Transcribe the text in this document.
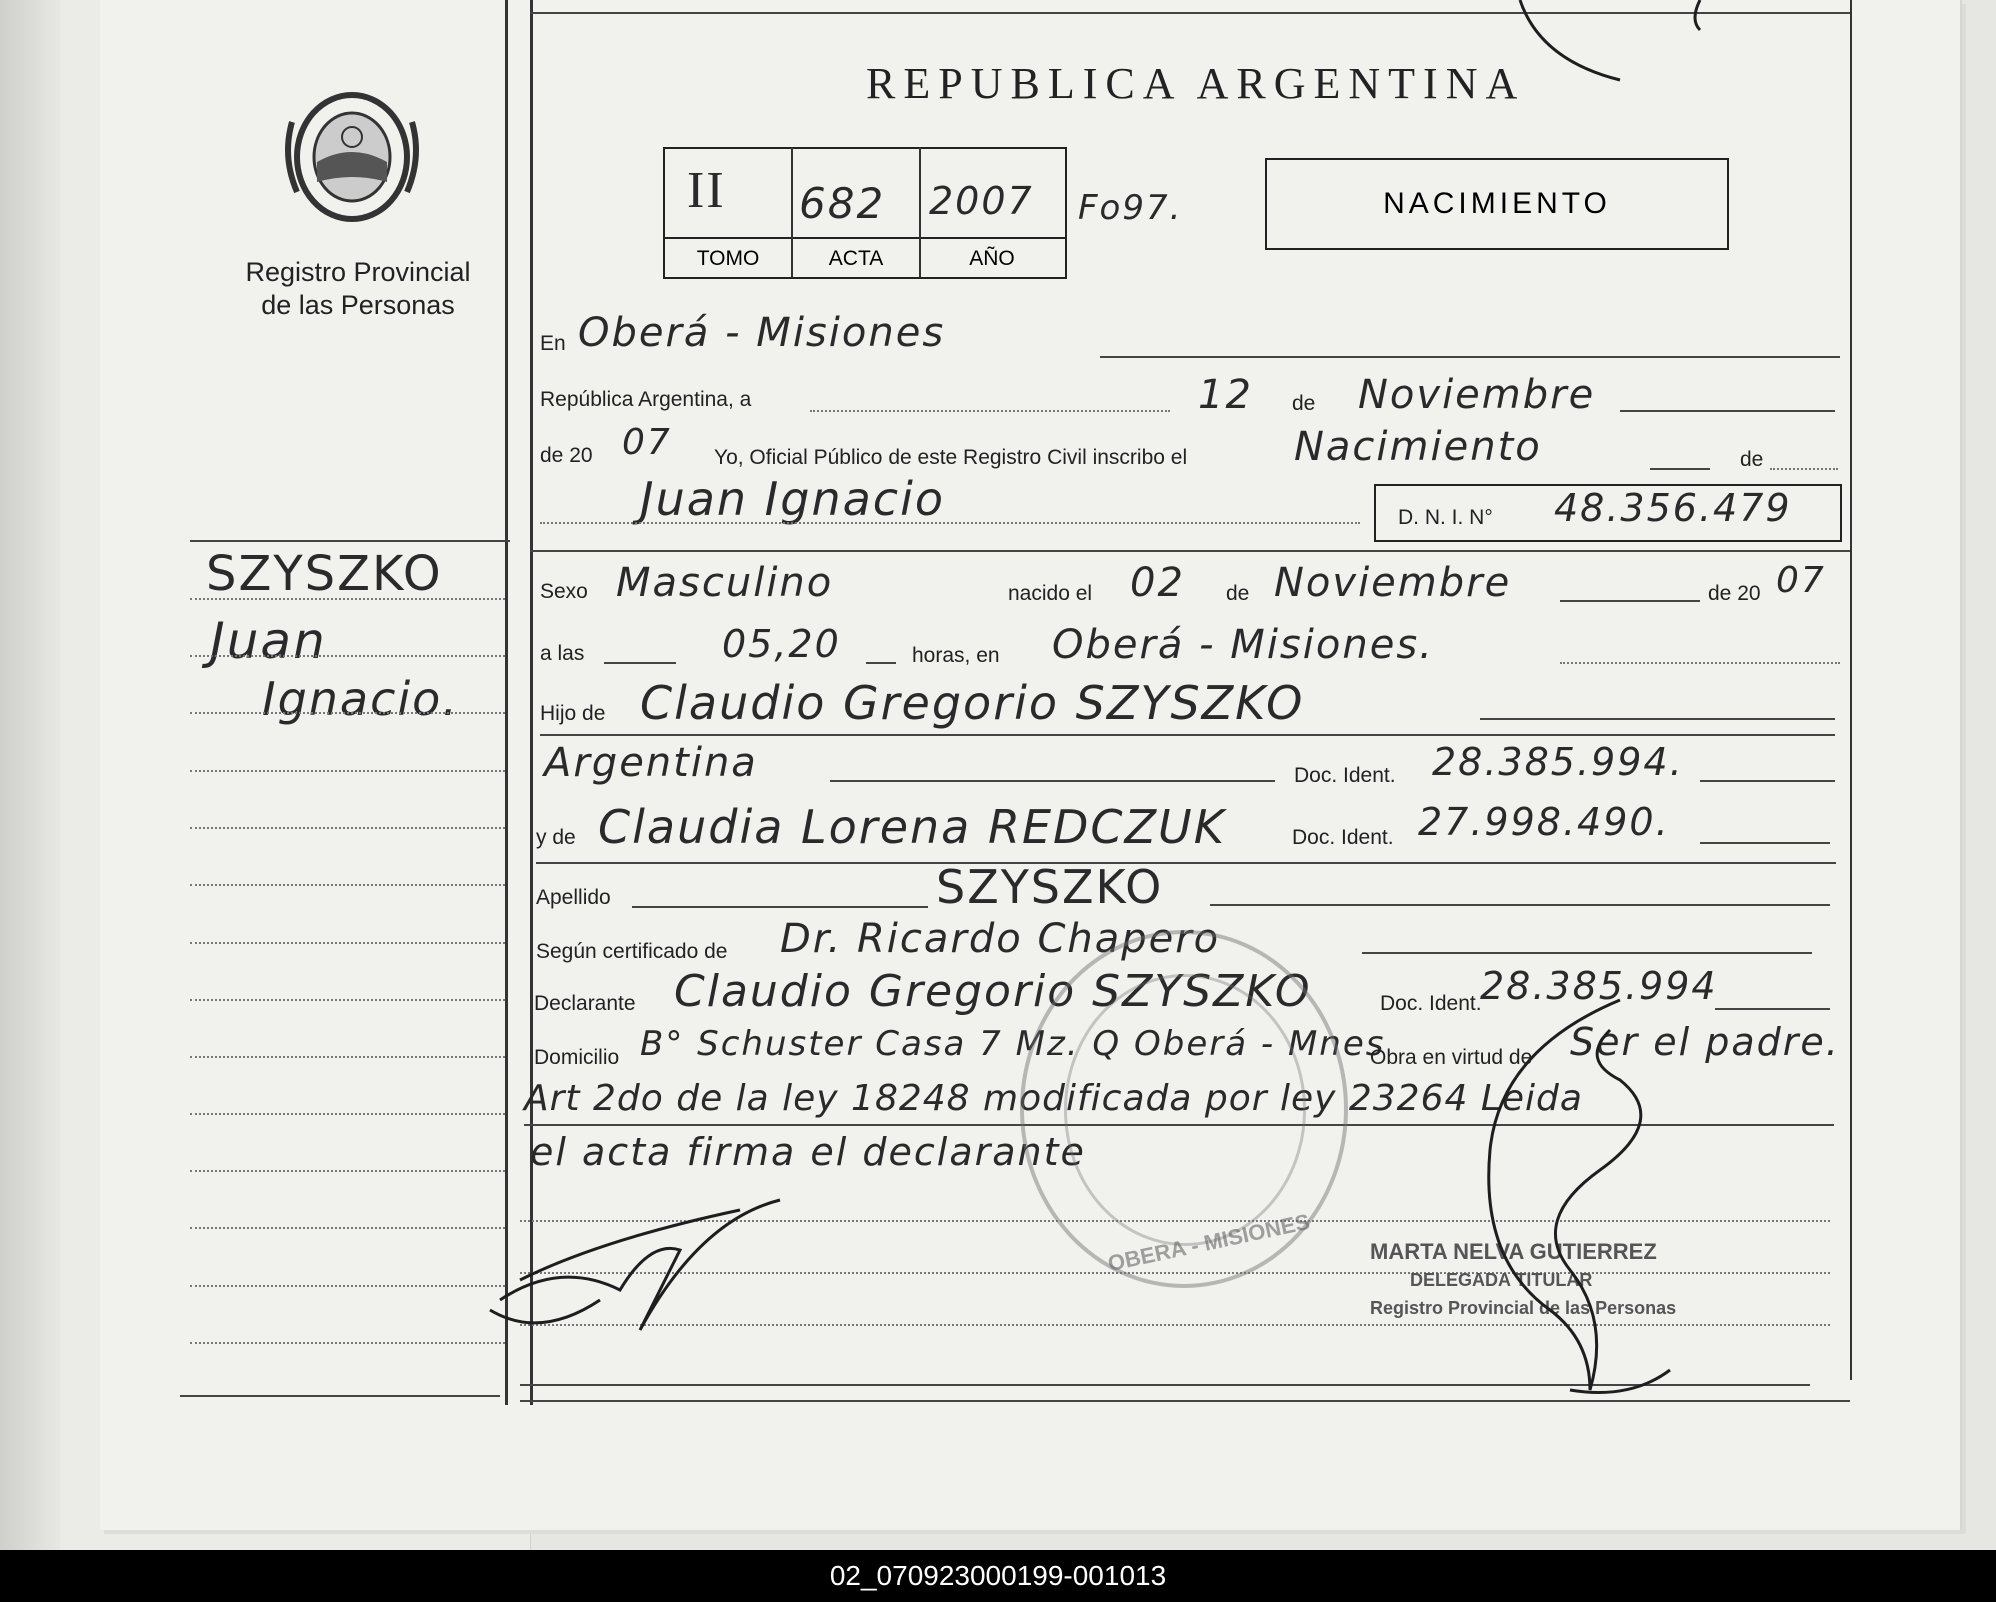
Registro Provincial
de las Personas
REPUBLICA ARGENTINA
II 682 2007
TOMO	ACTA	AÑO
Fo97.	NACIMIENTO
SZYSZKO
Juan
Ignacio.
En Oberá - Misiones
República Argentina, a	12 de Noviembre
de 20 07 Yo, Oficial Público de este Registro Civil inscribo el	Nacimiento	de
Juan Ignacio	D. N. I. N° 48.356.479
Sexo Masculino	nacido el 02 de Noviembre	de 20 07
a las	05,20	horas, en Oberá - Misiones.
Hijo de Claudio Gregorio SZYSZKO
Argentina	Doc. Ident. 28.385.994.
y de Claudia Lorena REDCZUK	Doc. Ident. 27.998.490.
Apellido	SZYSZKO
Según certificado de Dr. Ricardo Chapero
Declarante Claudio Gregorio SZYSZKO	Doc. Ident.
28.385.994
Domicilio B° Schuster Casa 7 Mz. Q Oberá - Mnes
Obra en virtud de Ser el padre.
Art 2do de la ley 18248 modificada por ley 23264 Leida
el acta firma el declarante
OBERA - MISIONES	MARTA NELVA GUTIERREZ
DELEGADA TITULAR
Registro Provincial de las Personas
02_070923000199-001013
